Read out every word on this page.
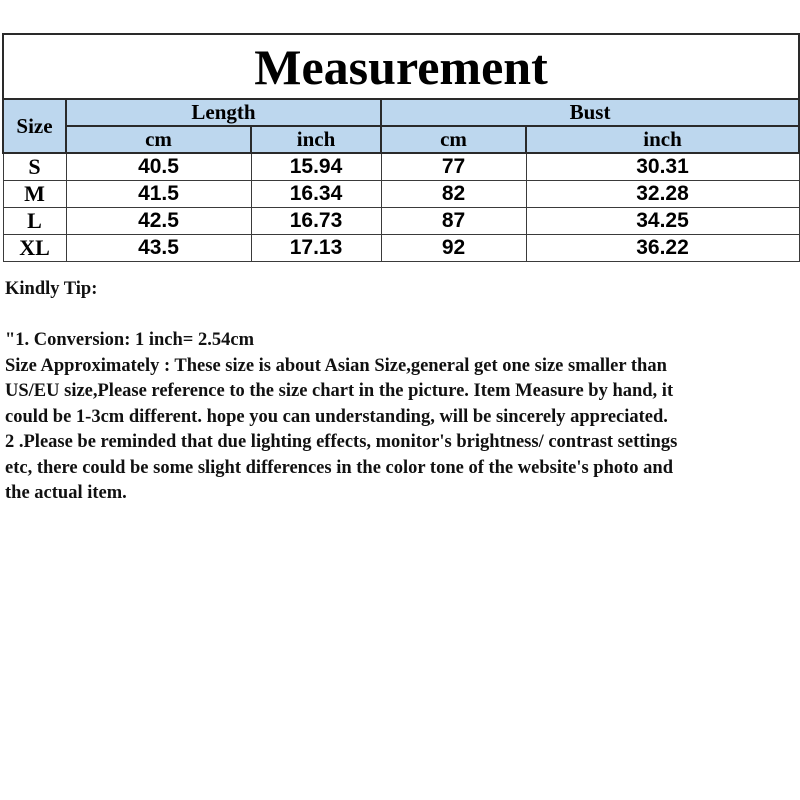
Measurement				
Size	Length		Bust	
	cm	inch	cm	inch
S	40.5	15.94	77	30.31
M	41.5	16.34	82	32.28
L	42.5	16.73	87	34.25
XL	43.5	17.13	92	36.22

Kindly Tip:

"1. Conversion: 1 inch= 2.54cm

Size Approximately : These size is about Asian Size,general get one size smaller than

US/EU size,Please reference to the size chart in the picture. Item Measure by hand, it

could be 1-3cm different. hope you can understanding, will be sincerely appreciated.

2 .Please be reminded that due lighting effects, monitor's brightness/ contrast settings

etc, there could be some slight differences in the color tone of the website's photo and

the actual item.
